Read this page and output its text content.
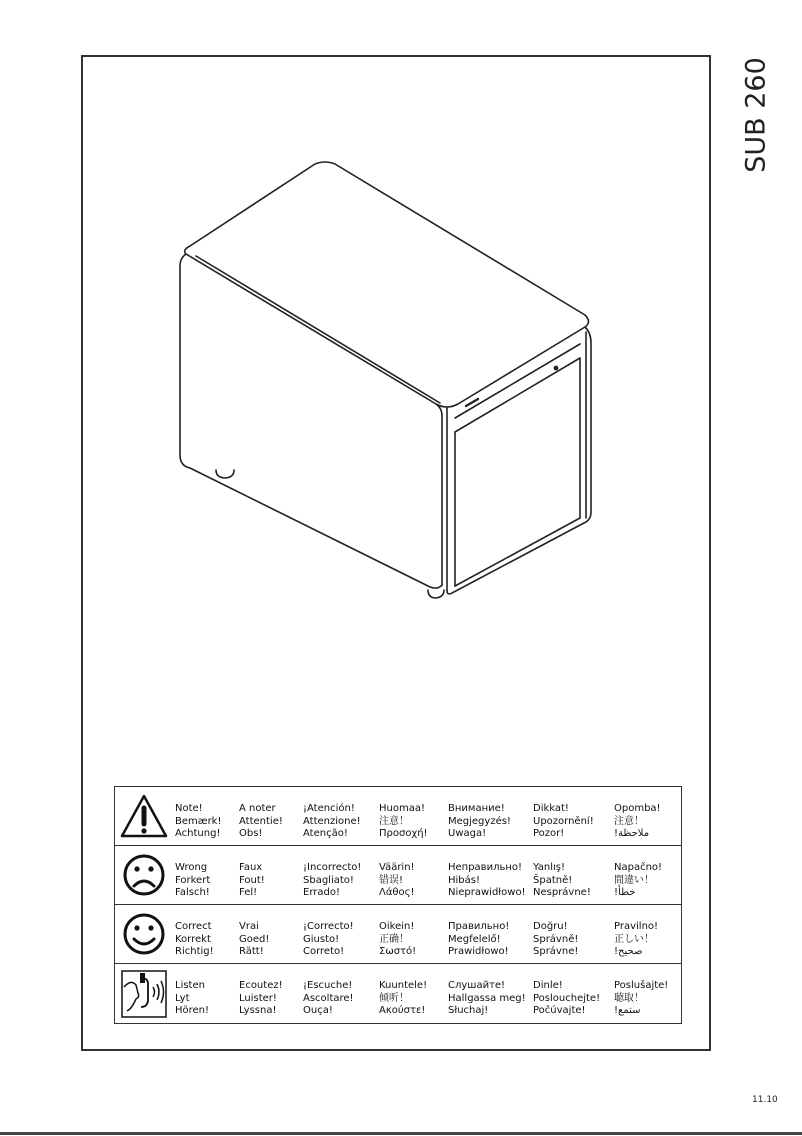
SUB 260
Note!
Bemærk!
Achtung!
A noter
Attentie!
Obs!
¡Atención!
Attenzione!
Atenção!
Huomaa!
注意！
Προσοχή!
Внимание!
Megjegyzés!
Uwaga!
Dikkat!
Upozornění!
Pozor!
Opomba!
注意！
!ملاحظة
Wrong
Forkert
Falsch!
Faux
Fout!
Fel!
¡Incorrecto!
Sbagliato!
Errado!
Väärin!
错误!
Λάθος!
Неправильно!
Hibás!
Nieprawidłowo!
Yanlış!
Špatně!
Nesprávne!
Napačno!
間違い！
!خطأ
Correct
Korrekt
Richtig!
Vrai
Goed!
Rätt!
¡Correcto!
Giusto!
Correto!
Oikein!
正确！
Σωστό!
Правильно!
Megfelelő!
Prawidłowo!
Doğru!
Správně!
Správne!
Pravilno!
正しい！
!صحيح
Listen
Lyt
Hören!
Ecoutez!
Luister!
Lyssna!
¡Escuche!
Ascoltare!
Ouça!
Kuuntele!
倾听！
Ακούστε!
Слушайте!
Hallgassa meg!
Słuchaj!
Dinle!
Poslouchejte!
Počúvajte!
Poslušajte!
聴取！
!ستمع
11.10
